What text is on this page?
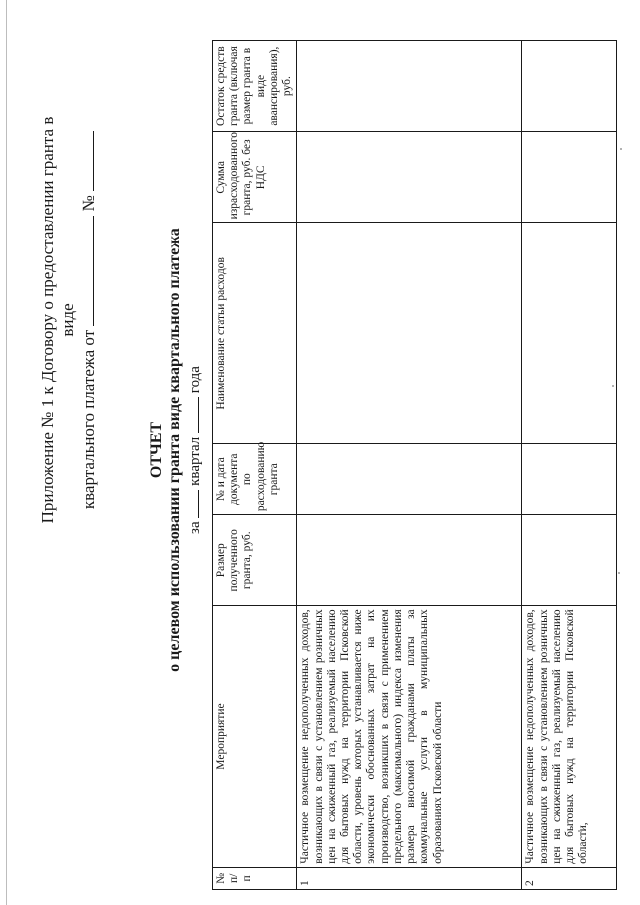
Приложение № 1 к Договору о предоставлении гранта в виде
квартального платежа от  №
ОТЧЕТ о целевом использовании гранта виде квартального платежа за  квартал  года
№ п/п	Мероприятие	Размер полученного гранта, руб.	№ и дата документа по расходованию гранта	Наименование статьи расходов	Сумма израсходованного гранта, руб. без НДС	Остаток средств гранта (включая размер гранта в виде авансирования), руб.
1	Частичное возмещение недополученных доходов, возникающих в связи с установлением розничных цен на сжиженный газ, реализуемый населению для бытовых нужд на территории Псковской области, уровень которых устанавливается ниже экономически обоснованных затрат на их производство, возникших в связи с применением предельного (максимального) индекса изменения размера вносимой гражданами платы за коммунальные услуги в муниципальных образованиях Псковской области					
2	Частичное возмещение недополученных доходов, возникающих в связи с установлением розничных цен на сжиженный газ, реализуемый населению для бытовых нужд на территории Псковской области,					
